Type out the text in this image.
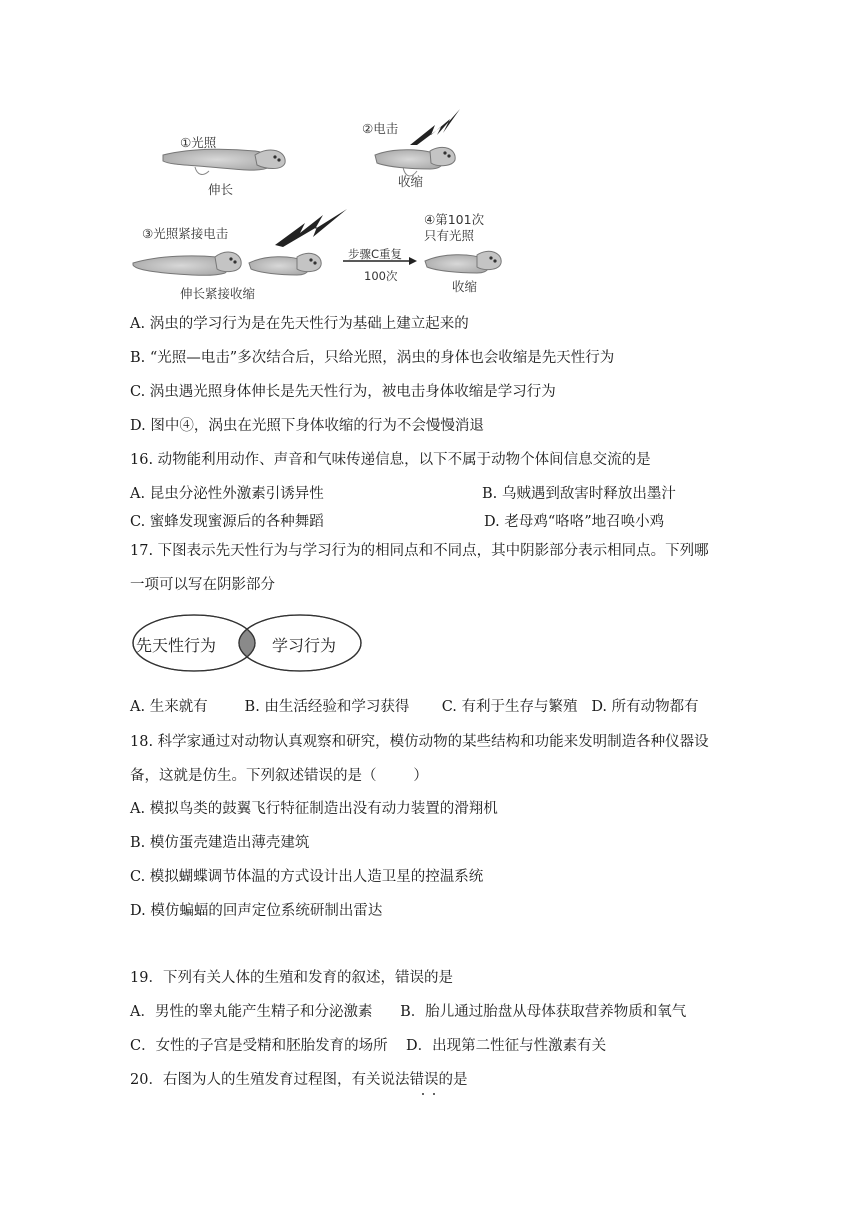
①光照
伸长
②电击
收缩
③光照紧接电击
伸长紧接收缩
步骤C重复
100次
④第101次
只有光照
收缩
A. 涡虫的学习行为是在先天性行为基础上建立起来的
B. “光照—电击”多次结合后，只给光照，涡虫的身体也会收缩是先天性行为
C. 涡虫遇光照身体伸长是先天性行为，被电击身体收缩是学习行为
D. 图中④，涡虫在光照下身体收缩的行为不会慢慢消退
16. 动物能利用动作、声音和气味传递信息，以下不属于动物个体间信息交流的是
A. 昆虫分泌性外激素引诱异性	B. 乌贼遇到敌害时释放出墨汁
C. 蜜蜂发现蜜源后的各种舞蹈	D. 老母鸡“咯咯”地召唤小鸡
17. 下图表示先天性行为与学习行为的相同点和不同点，其中阴影部分表示相同点。下列哪
一项可以写在阴影部分
先天性行为	学习行为
A. 生来就有        B. 由生活经验和学习获得       C. 有利于生存与繁殖   D. 所有动物都有
18. 科学家通过对动物认真观察和研究，模仿动物的某些结构和功能来发明制造各种仪器设
备，这就是仿生。下列叙述错误的是（        ）
A. 模拟鸟类的鼓翼飞行特征制造出没有动力装置的滑翔机
B. 模仿蛋壳建造出薄壳建筑
C. 模拟蝴蝶调节体温的方式设计出人造卫星的控温系统
D. 模仿蝙蝠的回声定位系统研制出雷达
19．下列有关人体的生殖和发育的叙述，错误的是
A．男性的睾丸能产生精子和分泌激素      B．胎儿通过胎盘从母体获取营养物质和氧气
C．女性的子宫是受精和胚胎发育的场所    D．出现第二性征与性激素有关
20．右图为人的生殖发育过程图，有关说法错误的是
